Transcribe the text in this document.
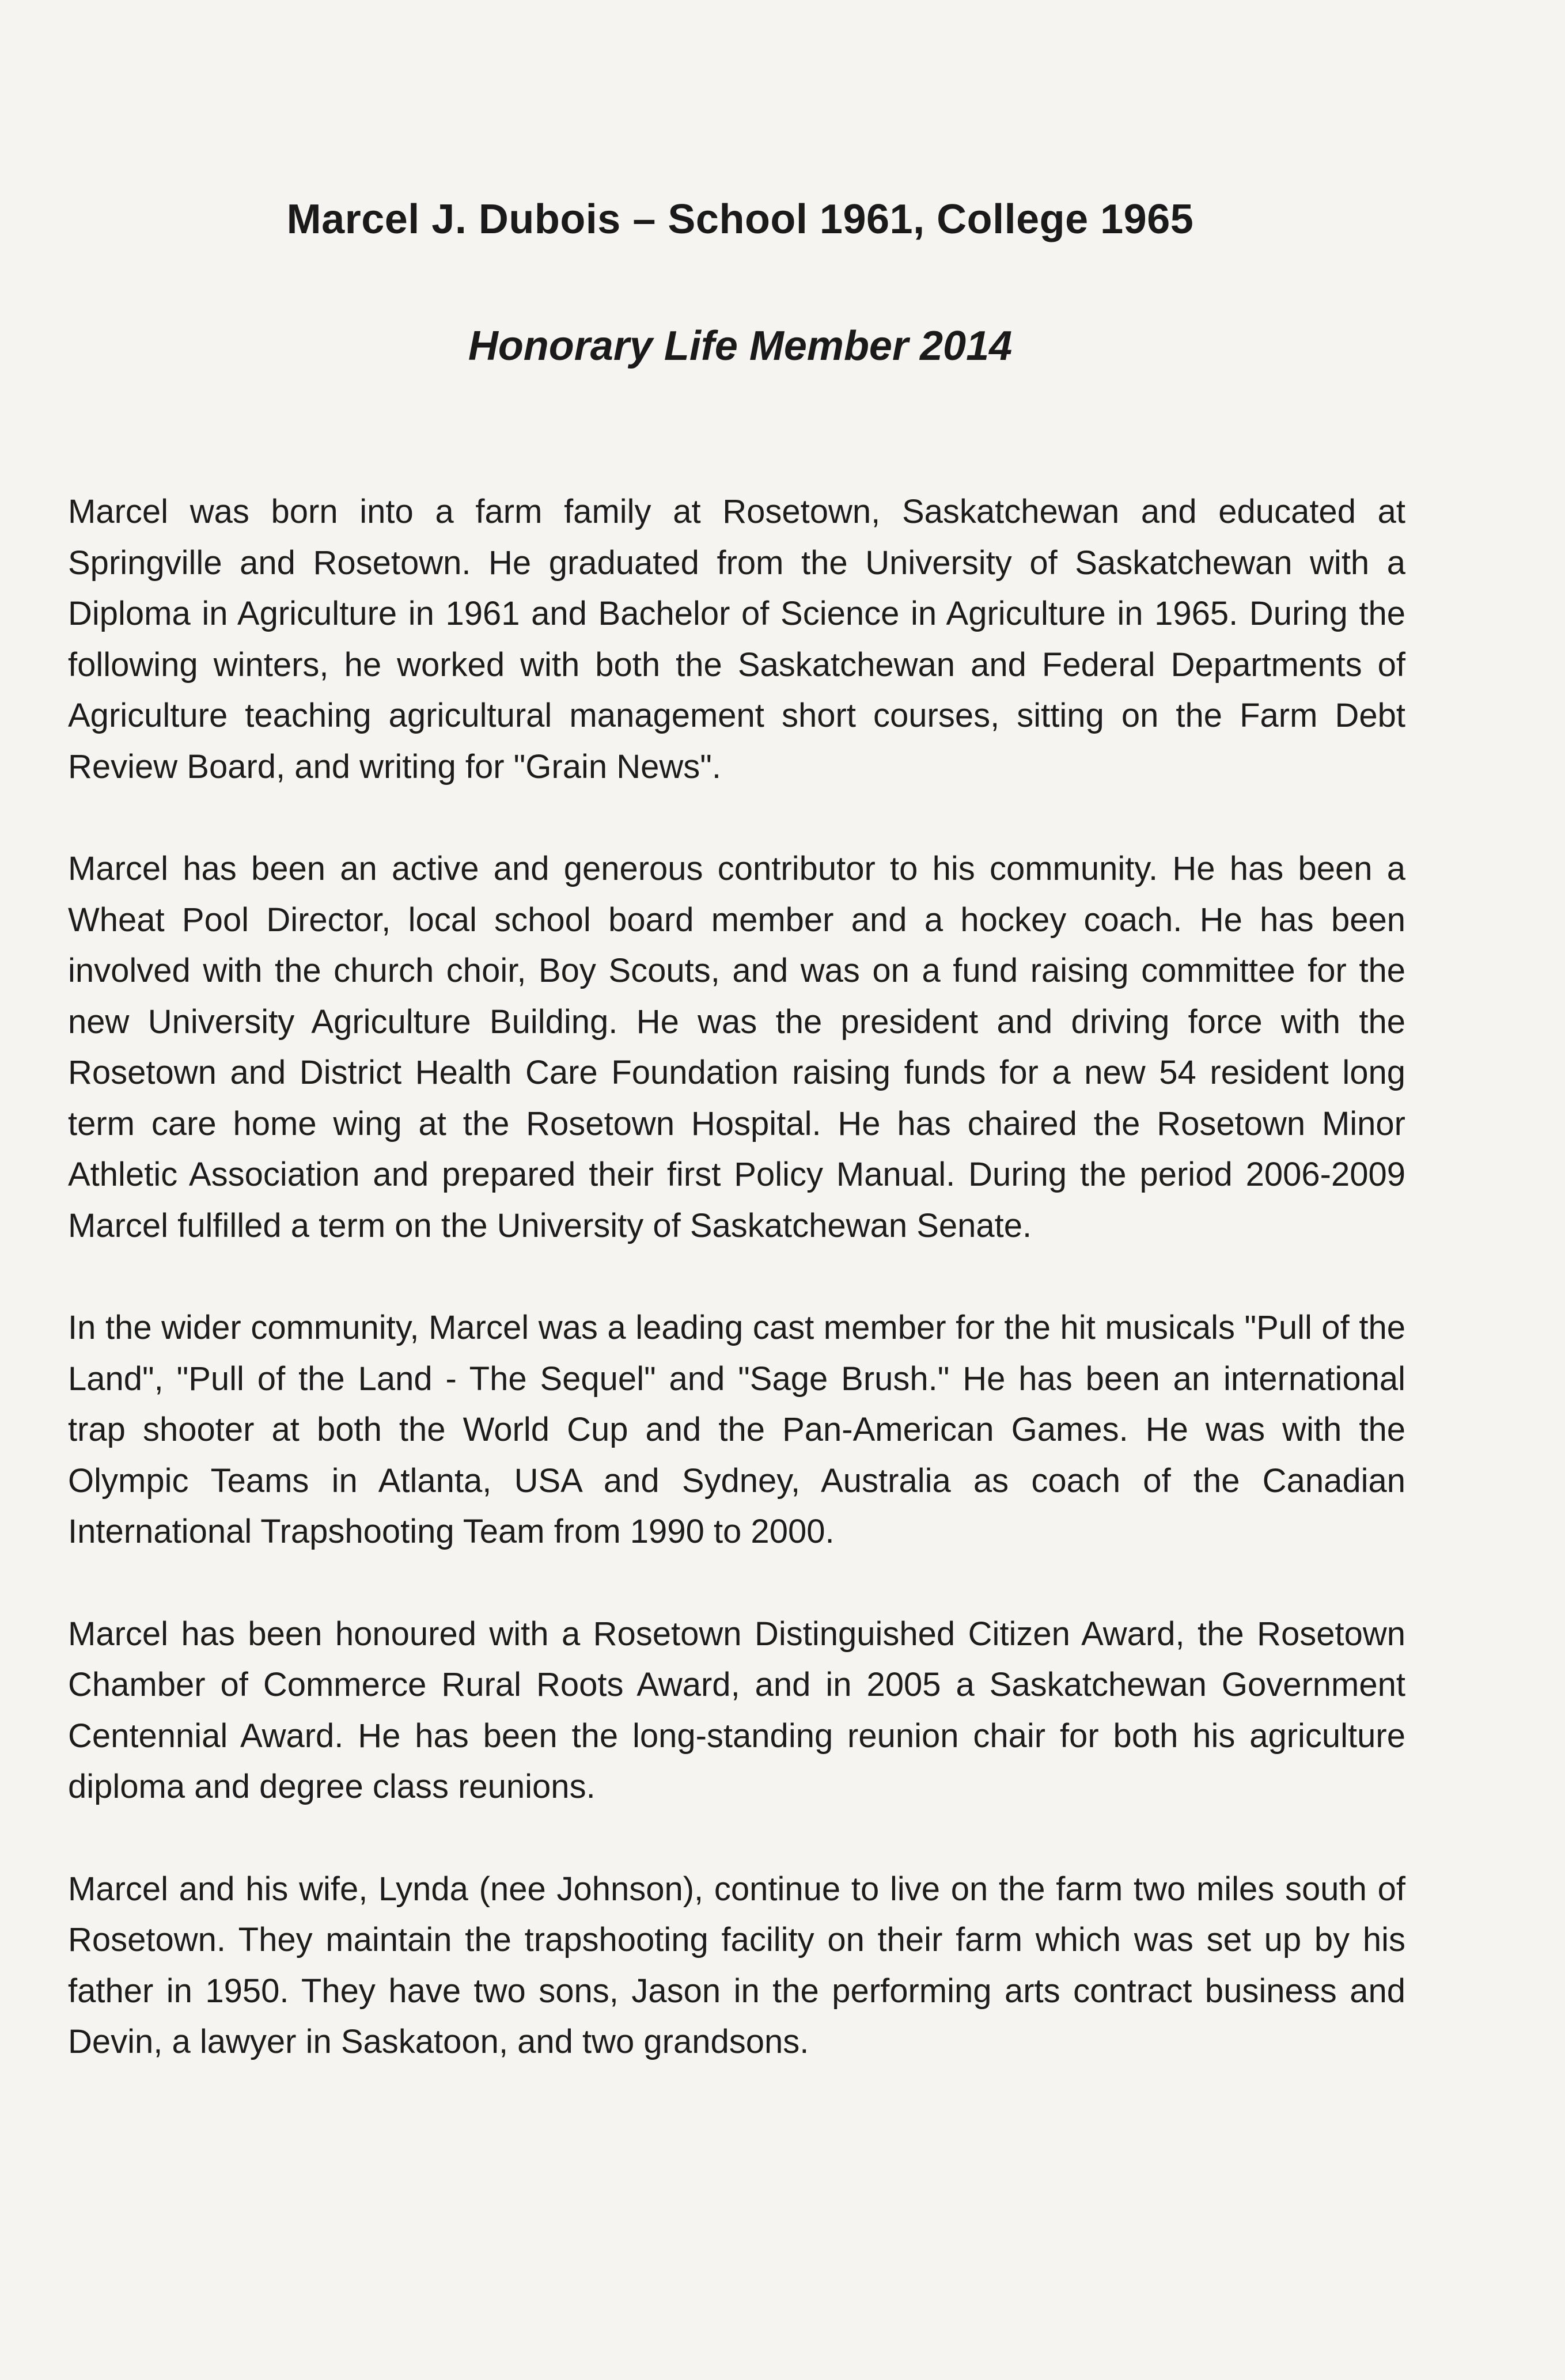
Marcel J. Dubois – School 1961, College 1965
Honorary Life Member 2014

Marcel was born into a farm family at Rosetown, Saskatchewan and educated at Springville and Rosetown. He graduated from the University of Saskatchewan with a Diploma in Agriculture in 1961 and Bachelor of Science in Agriculture in 1965. During the following winters, he worked with both the Saskatchewan and Federal Departments of Agriculture teaching agricultural management short courses, sitting on the Farm Debt Review Board, and writing for "Grain News".

Marcel has been an active and generous contributor to his community. He has been a Wheat Pool Director, local school board member and a hockey coach. He has been involved with the church choir, Boy Scouts, and was on a fund raising committee for the new University Agriculture Building. He was the president and driving force with the Rosetown and District Health Care Foundation raising funds for a new 54 resident long term care home wing at the Rosetown Hospital. He has chaired the Rosetown Minor Athletic Association and prepared their first Policy Manual. During the period 2006-2009 Marcel fulfilled a term on the University of Saskatchewan Senate.

In the wider community, Marcel was a leading cast member for the hit musicals "Pull of the Land", "Pull of the Land - The Sequel" and "Sage Brush." He has been an international trap shooter at both the World Cup and the Pan-American Games. He was with the Olympic Teams in Atlanta, USA and Sydney, Australia as coach of the Canadian International Trapshooting Team from 1990 to 2000.

Marcel has been honoured with a Rosetown Distinguished Citizen Award, the Rosetown Chamber of Commerce Rural Roots Award, and in 2005 a Saskatchewan Government Centennial Award. He has been the long-standing reunion chair for both his agriculture diploma and degree class reunions.

Marcel and his wife, Lynda (nee Johnson), continue to live on the farm two miles south of Rosetown. They maintain the trapshooting facility on their farm which was set up by his father in 1950. They have two sons, Jason in the performing arts contract business and Devin, a lawyer in Saskatoon, and two grandsons.
